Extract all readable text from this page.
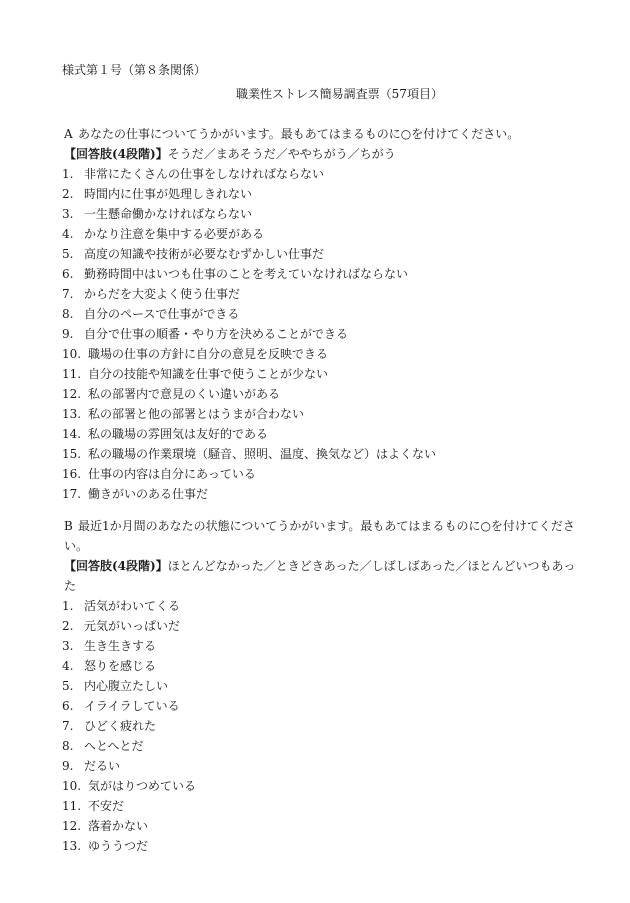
様式第１号（第８条関係）

職業性ストレス簡易調査票（57項目）

A あなたの仕事についてうかがいます。最もあてはまるものに○を付けてください。

【回答肢(4段階)】そうだ／まあそうだ／ややちがう／ちがう

1. 非常にたくさんの仕事をしなければならない
2. 時間内に仕事が処理しきれない
3. 一生懸命働かなければならない
4. かなり注意を集中する必要がある
5. 高度の知識や技術が必要なむずかしい仕事だ
6. 勤務時間中はいつも仕事のことを考えていなければならない
7. からだを大変よく使う仕事だ
8. 自分のペースで仕事ができる
9. 自分で仕事の順番・やり方を決めることができる
10. 職場の仕事の方針に自分の意見を反映できる
11. 自分の技能や知識を仕事で使うことが少ない
12. 私の部署内で意見のくい違いがある
13. 私の部署と他の部署とはうまが合わない
14. 私の職場の雰囲気は友好的である
15. 私の職場の作業環境（騒音、照明、温度、換気など）はよくない
16. 仕事の内容は自分にあっている
17. 働きがいのある仕事だ

B 最近1か月間のあなたの状態についてうかがいます。最もあてはまるものに○を付けてくださ

い。

【回答肢(4段階)】ほとんどなかった／ときどきあった／しばしばあった／ほとんどいつもあった

1. 活気がわいてくる
2. 元気がいっぱいだ
3. 生き生きする
4. 怒りを感じる
5. 内心腹立たしい
6. イライラしている
7. ひどく疲れた
8. へとへとだ
9. だるい
10. 気がはりつめている
11. 不安だ
12. 落着かない
13. ゆううつだ
